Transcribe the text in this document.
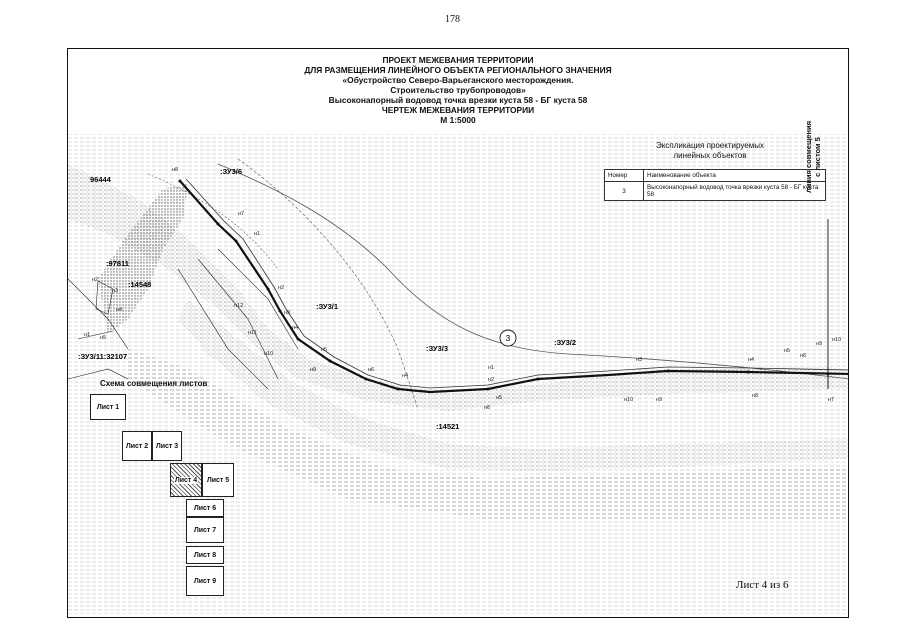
178
3
96444
:97811
:14548
:ЗУ3/11:32107
:14521
:ЗУ3/6
:ЗУ3/1
:ЗУ3/3
:ЗУ3/2
н8
н7
н1
н2
н3
н4
н5
н12
н11
н10
н9	н6
н4
н1
н2
н5
н6
н3	н4
н5
н6
н9
н10
н10	н9
н8
н7
н1
н2
н3
н4
н5
ПРОЕКТ МЕЖЕВАНИЯ ТЕРРИТОРИИ
ДЛЯ РАЗМЕЩЕНИЯ ЛИНЕЙНОГО ОБЪЕКТА РЕГИОНАЛЬНОГО ЗНАЧЕНИЯ
«Обустройство Северо-Варьеганского месторождения.
Строительство трубопроводов»
Высоконапорный водовод точка врезки куста 58 - БГ куста 58
ЧЕРТЕЖ МЕЖЕВАНИЯ ТЕРРИТОРИИ
М 1:5000
Экспликация проектируемых
линейных объектов
Номер	Наименование объекта
3	Высоконапорный водовод точка врезки куста 58 - БГ куста 58
линия совмещения с листом 5
Схема совмещения листов
Лист 1
Лист 2 Лист 3
Лист 4 Лист 5
Лист 6
Лист 7
Лист 8
Лист 9	Лист 4 из 6
